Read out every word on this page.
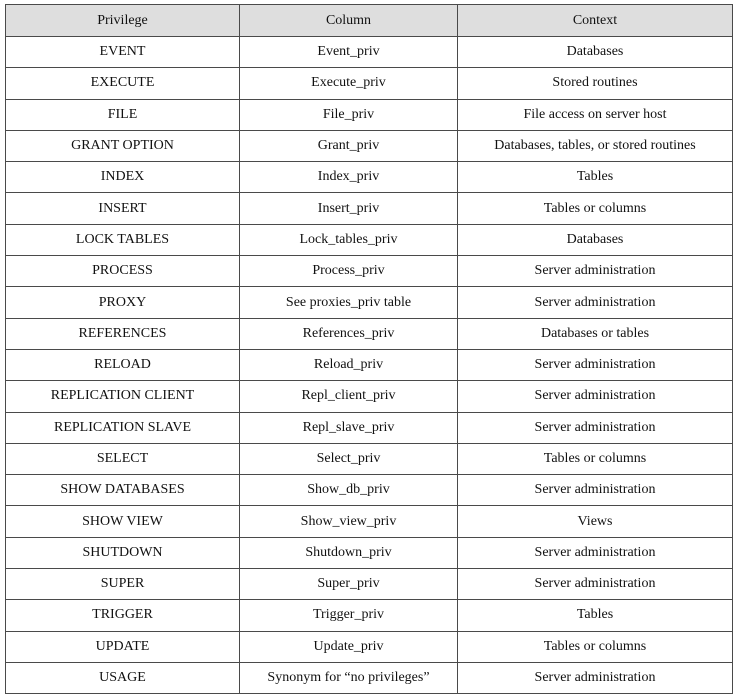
Privilege	Column	Context
EVENT	Event_priv	Databases
EXECUTE	Execute_priv	Stored routines
FILE	File_priv	File access on server host
GRANT OPTION	Grant_priv	Databases, tables, or stored routines
INDEX	Index_priv	Tables
INSERT	Insert_priv	Tables or columns
LOCK TABLES	Lock_tables_priv	Databases
PROCESS	Process_priv	Server administration
PROXY	See proxies_priv table	Server administration
REFERENCES	References_priv	Databases or tables
RELOAD	Reload_priv	Server administration
REPLICATION CLIENT	Repl_client_priv	Server administration
REPLICATION SLAVE	Repl_slave_priv	Server administration
SELECT	Select_priv	Tables or columns
SHOW DATABASES	Show_db_priv	Server administration
SHOW VIEW	Show_view_priv	Views
SHUTDOWN	Shutdown_priv	Server administration
SUPER	Super_priv	Server administration
TRIGGER	Trigger_priv	Tables
UPDATE	Update_priv	Tables or columns
USAGE	Synonym for “no privileges”	Server administration
